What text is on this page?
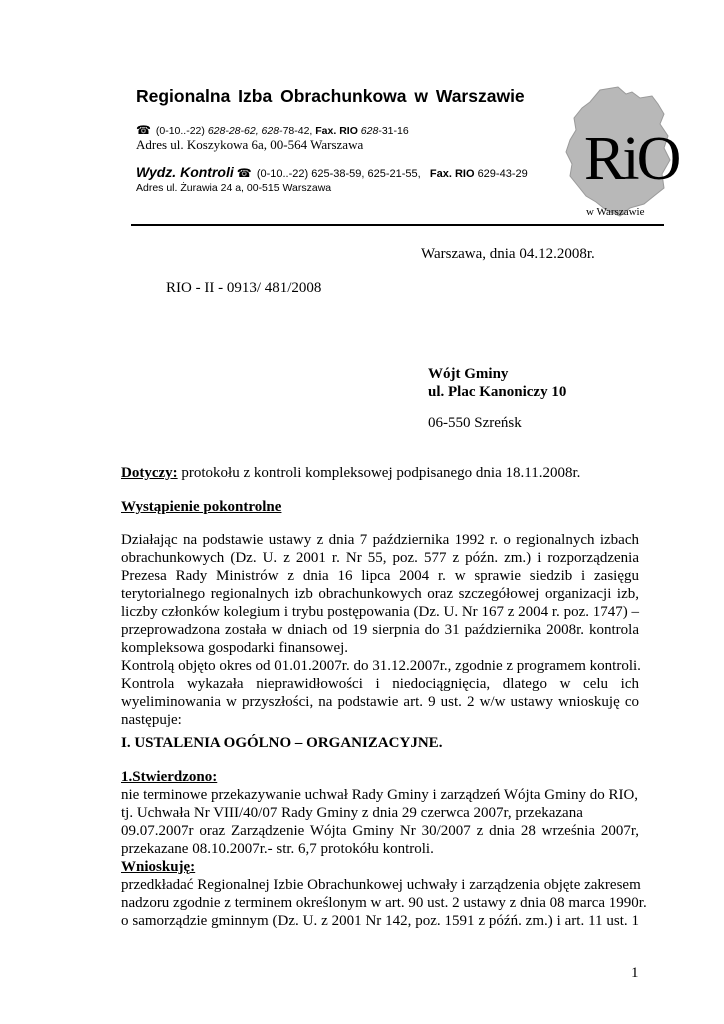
Regionalna Izba Obrachunkowa w Warszawie
☎ (0-10..-22) 628-28-62, 628-78-42, Fax. RIO 628-31-16
Adres ul. Koszykowa 6a, 00-564 Warszawa
Wydz. Kontroli ☎ (0-10..-22) 625-38-59, 625-21-55, Fax. RIO 629-43-29
Adres ul. Żurawia 24 a, 00-515 Warszawa	RiO
w Warszawie
Warszawa, dnia 04.12.2008r.
RIO - II - 0913/ 481/2008
Wójt Gminy
ul. Plac Kanoniczy 10
06-550 Szreńsk
Dotyczy: protokołu z kontroli kompleksowej podpisanego dnia 18.11.2008r.
Wystąpienie pokontrolne
Działając na podstawie ustawy z dnia 7 października 1992 r. o regionalnych izbach
obrachunkowych (Dz. U. z 2001 r. Nr 55, poz. 577 z późn. zm.) i rozporządzenia
Prezesa Rady Ministrów z dnia 16 lipca 2004 r. w sprawie siedzib i zasięgu
terytorialnego regionalnych izb obrachunkowych oraz szczegółowej organizacji izb,
liczby członków kolegium i trybu postępowania (Dz. U. Nr 167 z 2004 r. poz. 1747) –
przeprowadzona została w dniach od 19 sierpnia do 31 października 2008r. kontrola
kompleksowa gospodarki finansowej.
Kontrolą objęto okres od 01.01.2007r. do 31.12.2007r., zgodnie z programem kontroli.
Kontrola wykazała nieprawidłowości i niedociągnięcia, dlatego w celu ich
wyeliminowania w przyszłości, na podstawie art. 9 ust. 2 w/w ustawy wnioskuję co
następuje:
I. USTALENIA OGÓLNO – ORGANIZACYJNE.
1.Stwierdzono:
nie terminowe przekazywanie uchwał Rady Gminy i zarządzeń Wójta Gminy do RIO,
tj. Uchwała Nr VIII/40/07 Rady Gminy z dnia 29 czerwca 2007r, przekazana
09.07.2007r oraz Zarządzenie Wójta Gminy Nr 30/2007 z dnia 28 września 2007r,
przekazane 08.10.2007r.- str. 6,7 protokółu kontroli.
Wnioskuję:
przedkładać Regionalnej Izbie Obrachunkowej uchwały i zarządzenia objęte zakresem
nadzoru zgodnie z terminem określonym w art. 90 ust. 2 ustawy z dnia 08 marca 1990r.
o samorządzie gminnym (Dz. U. z 2001 Nr 142, poz. 1591 z późń. zm.) i art. 11 ust. 1
1
